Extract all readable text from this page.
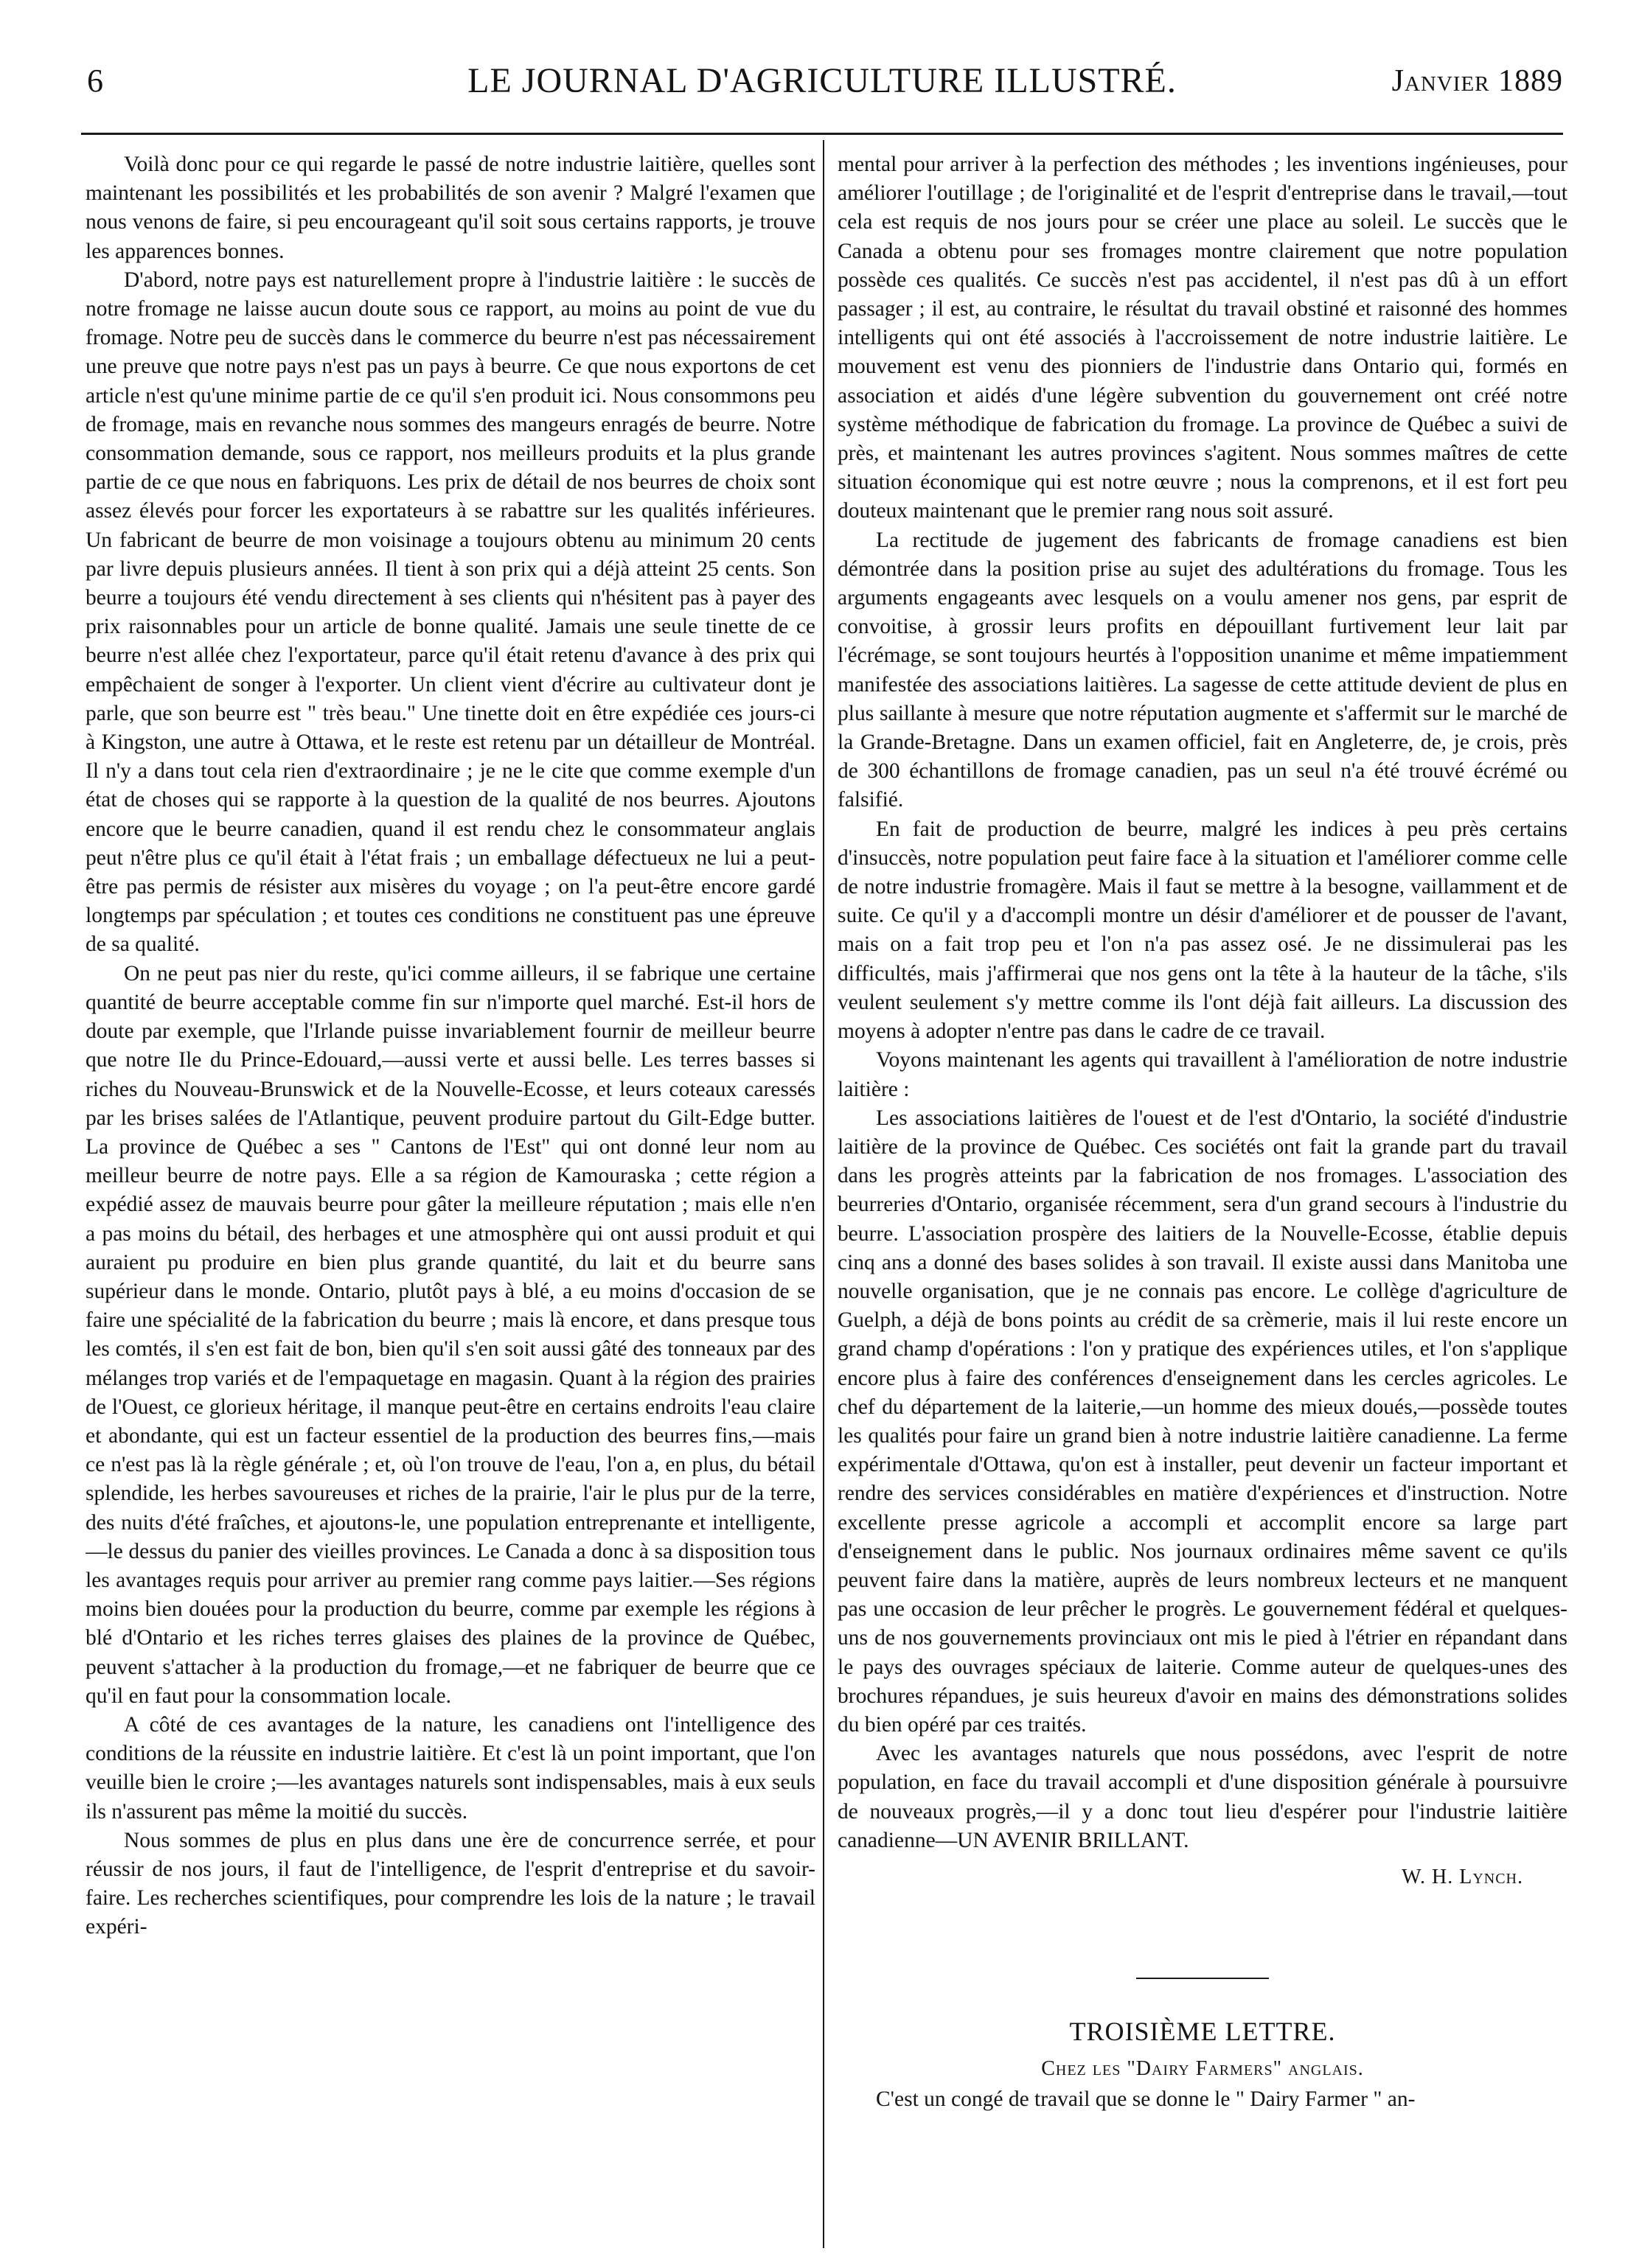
6	LE JOURNAL D'AGRICULTURE ILLUSTRÉ.	Janvier 1889

Voilà donc pour ce qui regarde le passé de notre industrie laitière, quelles sont maintenant les possibilités et les probabilités de son avenir ? Malgré l'examen que nous venons de faire, si peu encourageant qu'il soit sous certains rapports, je trouve les apparences bonnes.

D'abord, notre pays est naturellement propre à l'industrie laitière : le succès de notre fromage ne laisse aucun doute sous ce rapport, au moins au point de vue du fromage. Notre peu de succès dans le commerce du beurre n'est pas nécessairement une preuve que notre pays n'est pas un pays à beurre. Ce que nous exportons de cet article n'est qu'une minime partie de ce qu'il s'en produit ici. Nous consommons peu de fromage, mais en revanche nous sommes des mangeurs enragés de beurre. Notre consommation demande, sous ce rapport, nos meilleurs produits et la plus grande partie de ce que nous en fabriquons. Les prix de détail de nos beurres de choix sont assez élevés pour forcer les exportateurs à se rabattre sur les qualités inférieures. Un fabricant de beurre de mon voisinage a toujours obtenu au minimum 20 cents par livre depuis plusieurs années. Il tient à son prix qui a déjà atteint 25 cents. Son beurre a toujours été vendu directement à ses clients qui n'hésitent pas à payer des prix raisonnables pour un article de bonne qualité. Jamais une seule tinette de ce beurre n'est allée chez l'exportateur, parce qu'il était retenu d'avance à des prix qui empêchaient de songer à l'exporter. Un client vient d'écrire au cultivateur dont je parle, que son beurre est " très beau." Une tinette doit en être expédiée ces jours-ci à Kingston, une autre à Ottawa, et le reste est retenu par un détailleur de Montréal. Il n'y a dans tout cela rien d'extraordinaire ; je ne le cite que comme exemple d'un état de choses qui se rapporte à la question de la qualité de nos beurres. Ajoutons encore que le beurre canadien, quand il est rendu chez le consommateur anglais peut n'être plus ce qu'il était à l'état frais ; un emballage défectueux ne lui a peut-être pas permis de résister aux misères du voyage ; on l'a peut-être encore gardé longtemps par spéculation ; et toutes ces conditions ne constituent pas une épreuve de sa qualité.

On ne peut pas nier du reste, qu'ici comme ailleurs, il se fabrique une certaine quantité de beurre acceptable comme fin sur n'importe quel marché. Est-il hors de doute par exemple, que l'Irlande puisse invariablement fournir de meilleur beurre que notre Ile du Prince-Edouard,—aussi verte et aussi belle. Les terres basses si riches du Nouveau-Brunswick et de la Nouvelle-Ecosse, et leurs coteaux caressés par les brises salées de l'Atlantique, peuvent produire partout du Gilt-Edge butter. La province de Québec a ses " Cantons de l'Est" qui ont donné leur nom au meilleur beurre de notre pays. Elle a sa région de Kamouraska ; cette région a expédié assez de mauvais beurre pour gâter la meilleure réputation ; mais elle n'en a pas moins du bétail, des herbages et une atmosphère qui ont aussi produit et qui auraient pu produire en bien plus grande quantité, du lait et du beurre sans supérieur dans le monde. Ontario, plutôt pays à blé, a eu moins d'occasion de se faire une spécialité de la fabrication du beurre ; mais là encore, et dans presque tous les comtés, il s'en est fait de bon, bien qu'il s'en soit aussi gâté des tonneaux par des mélanges trop variés et de l'empaquetage en magasin. Quant à la région des prairies de l'Ouest, ce glorieux héritage, il manque peut-être en certains endroits l'eau claire et abondante, qui est un facteur essentiel de la production des beurres fins,—mais ce n'est pas là la règle générale ; et, où l'on trouve de l'eau, l'on a, en plus, du bétail splendide, les herbes savoureuses et riches de la prairie, l'air le plus pur de la terre, des nuits d'été fraîches, et ajoutons-le, une population entreprenante et intelligente,—le dessus du panier des vieilles provinces. Le Canada a donc à sa disposition tous les avantages requis pour arriver au premier rang comme pays laitier.—Ses régions moins bien douées pour la production du beurre, comme par exemple les régions à blé d'Ontario et les riches terres glaises des plaines de la province de Québec, peuvent s'attacher à la production du fromage,—et ne fabriquer de beurre que ce qu'il en faut pour la consommation locale.

A côté de ces avantages de la nature, les canadiens ont l'intelligence des conditions de la réussite en industrie laitière. Et c'est là un point important, que l'on veuille bien le croire ;—les avantages naturels sont indispensables, mais à eux seuls ils n'assurent pas même la moitié du succès.

Nous sommes de plus en plus dans une ère de concurrence serrée, et pour réussir de nos jours, il faut de l'intelligence, de l'esprit d'entreprise et du savoir-faire. Les recherches scientifiques, pour comprendre les lois de la nature ; le travail expéri-

mental pour arriver à la perfection des méthodes ; les inventions ingénieuses, pour améliorer l'outillage ; de l'originalité et de l'esprit d'entreprise dans le travail,—tout cela est requis de nos jours pour se créer une place au soleil. Le succès que le Canada a obtenu pour ses fromages montre clairement que notre population possède ces qualités. Ce succès n'est pas accidentel, il n'est pas dû à un effort passager ; il est, au contraire, le résultat du travail obstiné et raisonné des hommes intelligents qui ont été associés à l'accroissement de notre industrie laitière. Le mouvement est venu des pionniers de l'industrie dans Ontario qui, formés en association et aidés d'une légère subvention du gouvernement ont créé notre système méthodique de fabrication du fromage. La province de Québec a suivi de près, et maintenant les autres provinces s'agitent. Nous sommes maîtres de cette situation économique qui est notre œuvre ; nous la comprenons, et il est fort peu douteux maintenant que le premier rang nous soit assuré.

La rectitude de jugement des fabricants de fromage canadiens est bien démontrée dans la position prise au sujet des adultérations du fromage. Tous les arguments engageants avec lesquels on a voulu amener nos gens, par esprit de convoitise, à grossir leurs profits en dépouillant furtivement leur lait par l'écrémage, se sont toujours heurtés à l'opposition unanime et même impatiemment manifestée des associations laitières. La sagesse de cette attitude devient de plus en plus saillante à mesure que notre réputation augmente et s'affermit sur le marché de la Grande-Bretagne. Dans un examen officiel, fait en Angleterre, de, je crois, près de 300 échantillons de fromage canadien, pas un seul n'a été trouvé écrémé ou falsifié.

En fait de production de beurre, malgré les indices à peu près certains d'insuccès, notre population peut faire face à la situation et l'améliorer comme celle de notre industrie fromagère. Mais il faut se mettre à la besogne, vaillamment et de suite. Ce qu'il y a d'accompli montre un désir d'améliorer et de pousser de l'avant, mais on a fait trop peu et l'on n'a pas assez osé. Je ne dissimulerai pas les difficultés, mais j'affirmerai que nos gens ont la tête à la hauteur de la tâche, s'ils veulent seulement s'y mettre comme ils l'ont déjà fait ailleurs. La discussion des moyens à adopter n'entre pas dans le cadre de ce travail.

Voyons maintenant les agents qui travaillent à l'amélioration de notre industrie laitière :

Les associations laitières de l'ouest et de l'est d'Ontario, la société d'industrie laitière de la province de Québec. Ces sociétés ont fait la grande part du travail dans les progrès atteints par la fabrication de nos fromages. L'association des beurreries d'Ontario, organisée récemment, sera d'un grand secours à l'industrie du beurre. L'association prospère des laitiers de la Nouvelle-Ecosse, établie depuis cinq ans a donné des bases solides à son travail. Il existe aussi dans Manitoba une nouvelle organisation, que je ne connais pas encore. Le collège d'agriculture de Guelph, a déjà de bons points au crédit de sa crèmerie, mais il lui reste encore un grand champ d'opérations : l'on y pratique des expériences utiles, et l'on s'applique encore plus à faire des conférences d'enseignement dans les cercles agricoles. Le chef du département de la laiterie,—un homme des mieux doués,—possède toutes les qualités pour faire un grand bien à notre industrie laitière canadienne. La ferme expérimentale d'Ottawa, qu'on est à installer, peut devenir un facteur important et rendre des services considérables en matière d'expériences et d'instruction. Notre excellente presse agricole a accompli et accomplit encore sa large part d'enseignement dans le public. Nos journaux ordinaires même savent ce qu'ils peuvent faire dans la matière, auprès de leurs nombreux lecteurs et ne manquent pas une occasion de leur prêcher le progrès. Le gouvernement fédéral et quelques-uns de nos gouvernements provinciaux ont mis le pied à l'étrier en répandant dans le pays des ouvrages spéciaux de laiterie. Comme auteur de quelques-unes des brochures répandues, je suis heureux d'avoir en mains des démonstrations solides du bien opéré par ces traités.

Avec les avantages naturels que nous possédons, avec l'esprit de notre population, en face du travail accompli et d'une disposition générale à poursuivre de nouveaux progrès,—il y a donc tout lieu d'espérer pour l'industrie laitière canadienne—UN AVENIR BRILLANT.

W. H. Lynch.

TROISIÈME LETTRE.
Chez les "Dairy Farmers" anglais.

C'est un congé de travail que se donne le " Dairy Farmer " an-
